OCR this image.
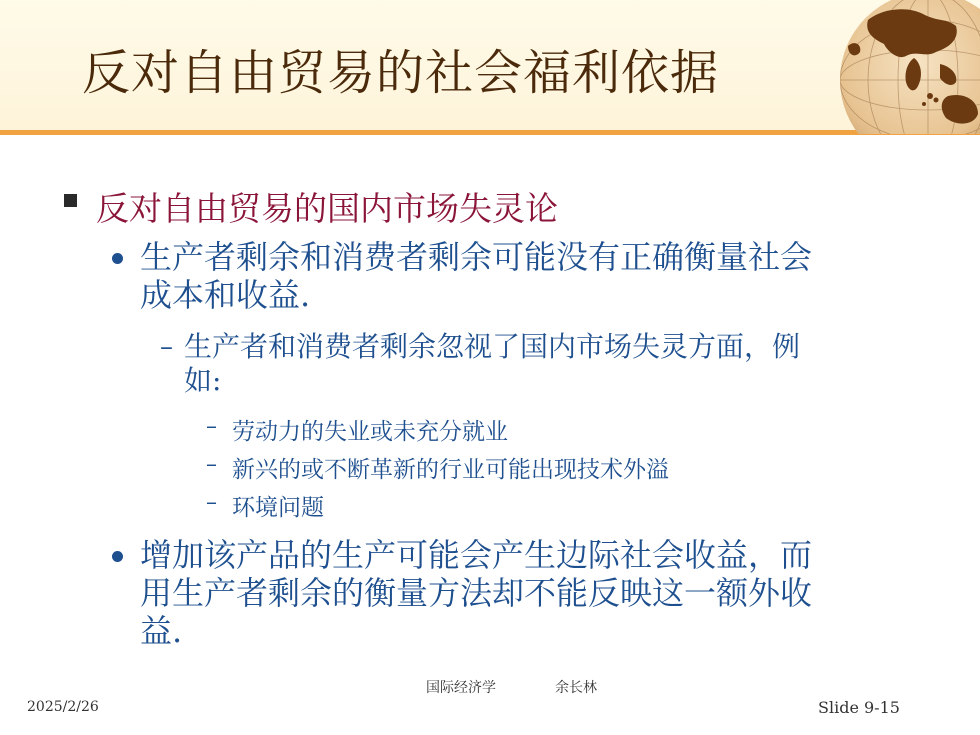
反对自由贸易的社会福利依据
反对自由贸易的国内市场失灵论
生产者剩余和消费者剩余可能没有正确衡量社会
成本和收益.
– 生产者和消费者剩余忽视了国内市场失灵方面，例
如:
– 劳动力的失业或未充分就业
– 新兴的或不断革新的行业可能出现技术外溢
– 环境问题
增加该产品的生产可能会产生边际社会收益，而
用生产者剩余的衡量方法却不能反映这一额外收
益.
国际经济学	余长林
2025/2/26	Slide 9-15
